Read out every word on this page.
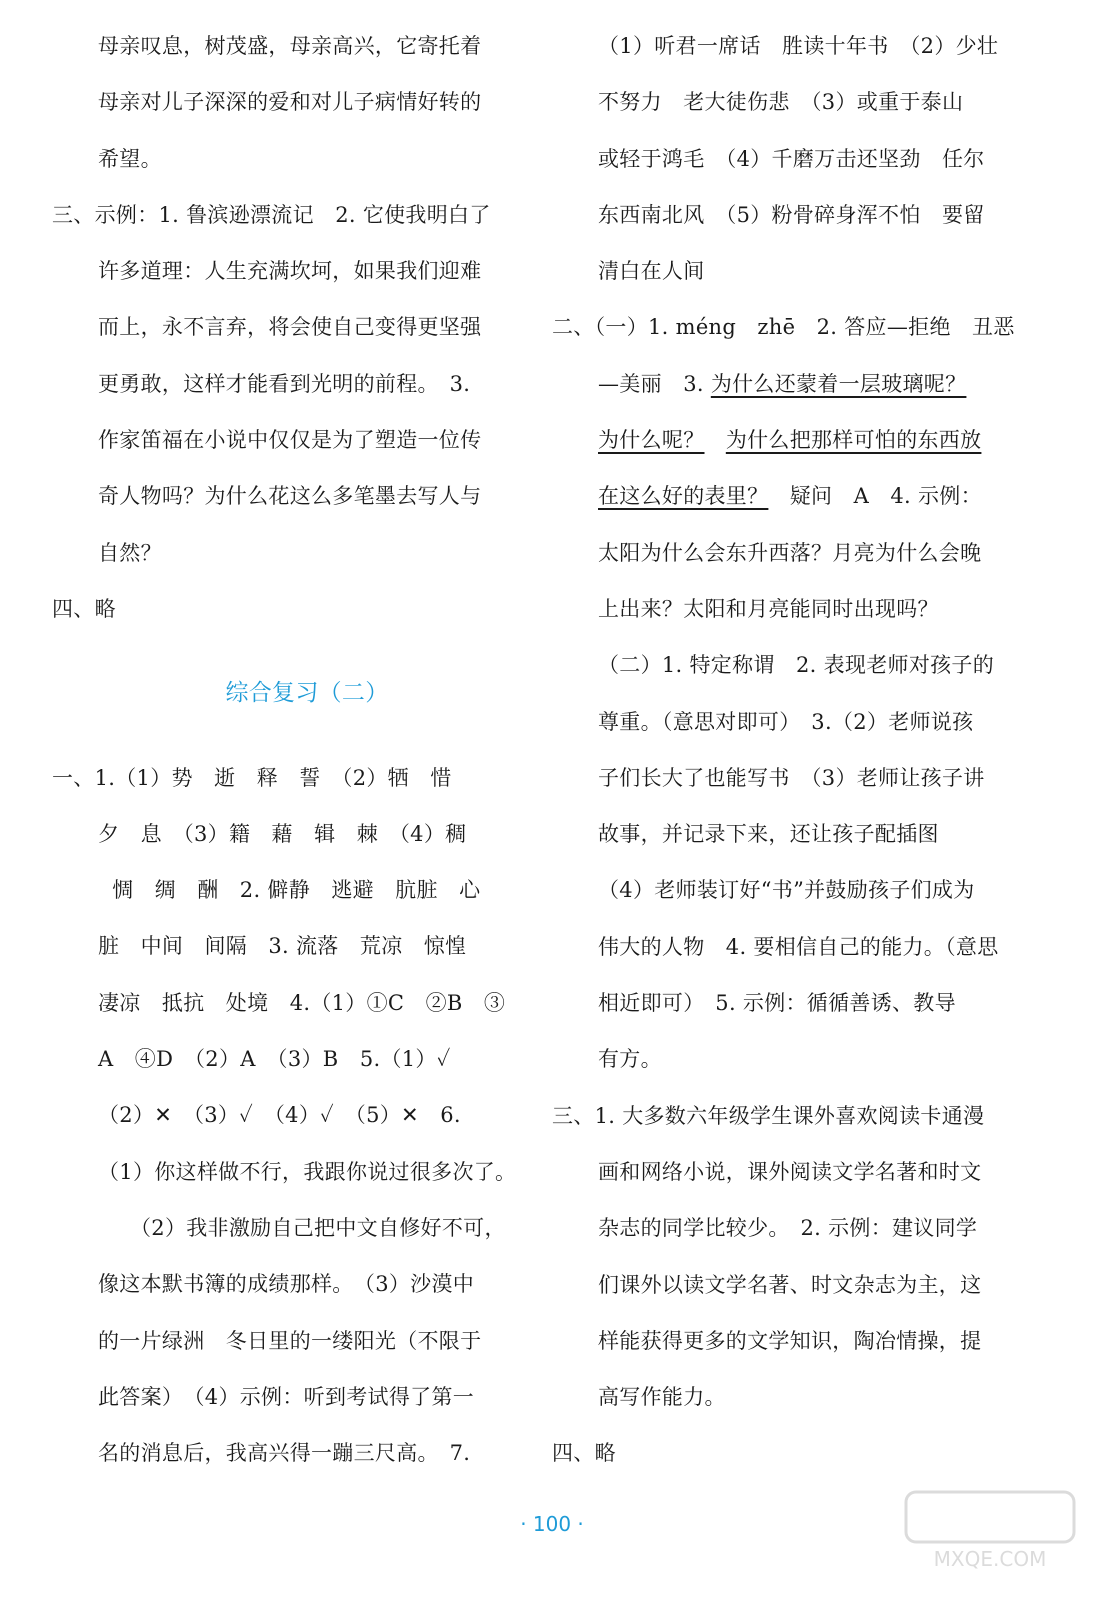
母亲叹息，树茂盛，母亲高兴，它寄托着
母亲对儿子深深的爱和对儿子病情好转的
希望。
三、示例：1. 鲁滨逊漂流记　2. 它使我明白了
许多道理：人生充满坎坷，如果我们迎难
而上，永不言弃，将会使自己变得更坚强
更勇敢，这样才能看到光明的前程。　3.
作家笛福在小说中仅仅是为了塑造一位传
奇人物吗？为什么花这么多笔墨去写人与
自然？
四、略
综合复习（二）
一、1.（1）势　逝　释　誓　（2）牺　惜
夕　息　（3）籍　藉　辑　棘　（4）稠
惆　绸　酬　2. 僻静　逃避　肮脏　心
脏　中间　间隔　3. 流落　荒凉　惊惶
凄凉　抵抗　处境　4.（1）①C　②B　③
A　④D　（2）A　（3）B　5.（1）✓
（2）✕　（3）✓　（4）✓　（5）✕　6.
（1）你这样做不行，我跟你说过很多次了。
（2）我非激励自己把中文自修好不可，
像这本默书簿的成绩那样。　（3）沙漠中
的一片绿洲　冬日里的一缕阳光（不限于
此答案）　（4）示例：听到考试得了第一
名的消息后，我高兴得一蹦三尺高。　7.
（1）听君一席话　胜读十年书　（2）少壮
不努力　老大徒伤悲　（3）或重于泰山
或轻于鸿毛　（4）千磨万击还坚劲　任尔
东西南北风　（5）粉骨碎身浑不怕　要留
清白在人间
二、（一）1. méng　zhē　2. 答应—拒绝　丑恶
—美丽　3. 为什么还蒙着一层玻璃呢？
为什么呢？　 为什么把那样可怕的东西放
在这么好的表里？　疑问　A　4. 示例：
太阳为什么会东升西落？月亮为什么会晚
上出来？太阳和月亮能同时出现吗？
（二）1. 特定称谓　2. 表现老师对孩子的
尊重。（意思对即可）　3.（2）老师说孩
子们长大了也能写书　（3）老师让孩子讲
故事，并记录下来，还让孩子配插图
（4）老师装订好“书”并鼓励孩子们成为
伟大的人物　4. 要相信自己的能力。（意思
相近即可）　5. 示例：循循善诱、教导
有方。
三、1. 大多数六年级学生课外喜欢阅读卡通漫
画和网络小说，课外阅读文学名著和时文
杂志的同学比较少。　2. 示例：建议同学
们课外以读文学名著、时文杂志为主，这
样能获得更多的文学知识，陶冶情操，提
高写作能力。
四、略
· 100 ·
MXQE.COM
